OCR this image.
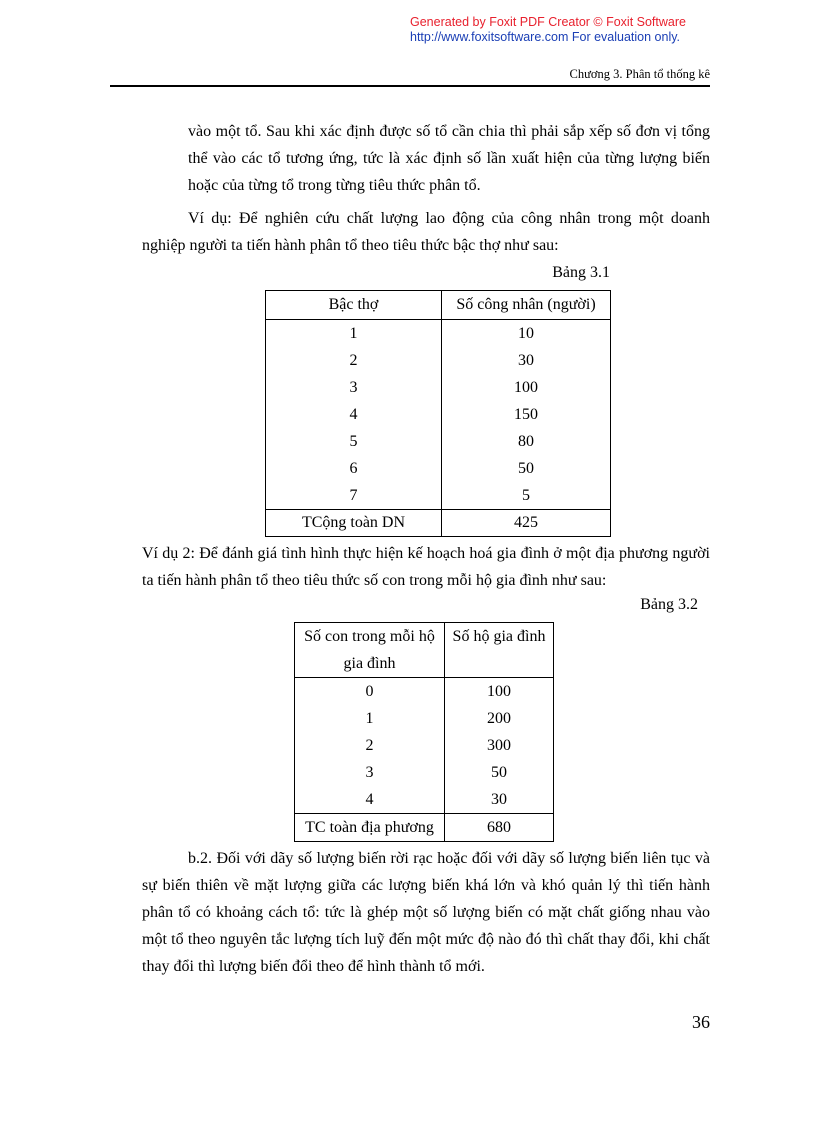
Generated by Foxit PDF Creator © Foxit Software
http://www.foxitsoftware.com For evaluation only.
Chương 3. Phân tổ thống kê
vào một tổ. Sau khi xác định được số tổ cần chia thì phải sắp xếp số đơn vị tổng thể vào các tổ tương ứng, tức là xác định số lần xuất hiện của từng lượng biến hoặc của từng tổ trong từng tiêu thức phân tổ.
Ví dụ: Để nghiên cứu chất lượng lao động của công nhân trong một doanh nghiệp người ta tiến hành phân tổ theo tiêu thức bậc thợ như sau:
Bảng 3.1
Bậc thợ	Số công nhân (người)
1	10
2	30
3	100
4	150
5	80
6	50
7	5
TCộng toàn DN	425
Ví dụ 2: Để đánh giá tình hình thực hiện kế hoạch hoá gia đình ở một địa phương người ta tiến hành phân tổ theo tiêu thức số con trong mỗi hộ gia đình như sau:
Bảng 3.2
Số con trong mỗi hộ gia đình	Số hộ gia đình
0	100
1	200
2	300
3	50
4	30
TC toàn địa phương	680
b.2. Đối với dãy số lượng biến rời rạc hoặc đối với dãy số lượng biến liên tục và sự biến thiên về mặt lượng giữa các lượng biến khá lớn và khó quản lý thì tiến hành phân tổ có khoảng cách tổ: tức là ghép một số lượng biến có mặt chất giống nhau vào một tổ theo nguyên tắc lượng tích luỹ đến một mức độ nào đó thì chất thay đổi, khi chất thay đổi thì lượng biến đổi theo để hình thành tổ mới.
36
